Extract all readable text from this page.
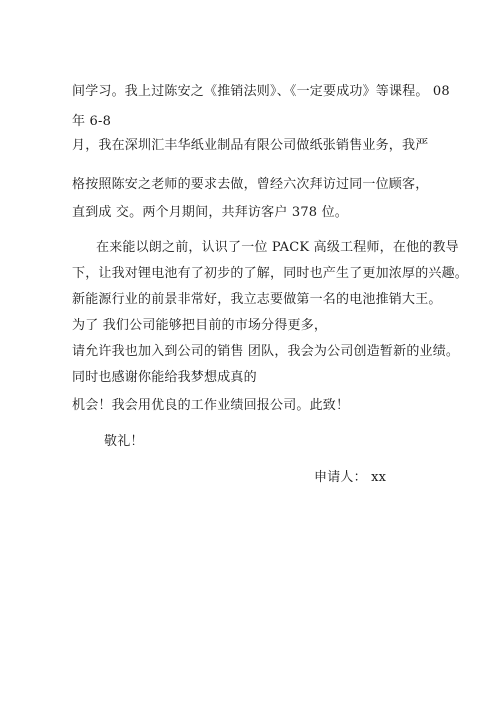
间学习。我上过陈安之《推销法则》、《一定要成功》等课程。 08
年 6-8
月，我在深圳汇丰华纸业制品有限公司做纸张销售业务，我严
格按照陈安之老师的要求去做，曾经六次拜访过同一位顾客，
直到成 交。两个月期间，共拜访客户 378 位。
在来能以朗之前，认识了一位 PACK 高级工程师，在他的教导
下，让我对锂电池有了初步的了解，同时也产生了更加浓厚的兴趣。
新能源行业的前景非常好，我立志要做第一名的电池推销大王。
为了 我们公司能够把目前的市场分得更多，
请允许我也加入到公司的销售 团队，我会为公司创造暂新的业绩。
同时也感谢你能给我梦想成真的
机会！我会用优良的工作业绩回报公司。此致！
敬礼！
申请人： xx
